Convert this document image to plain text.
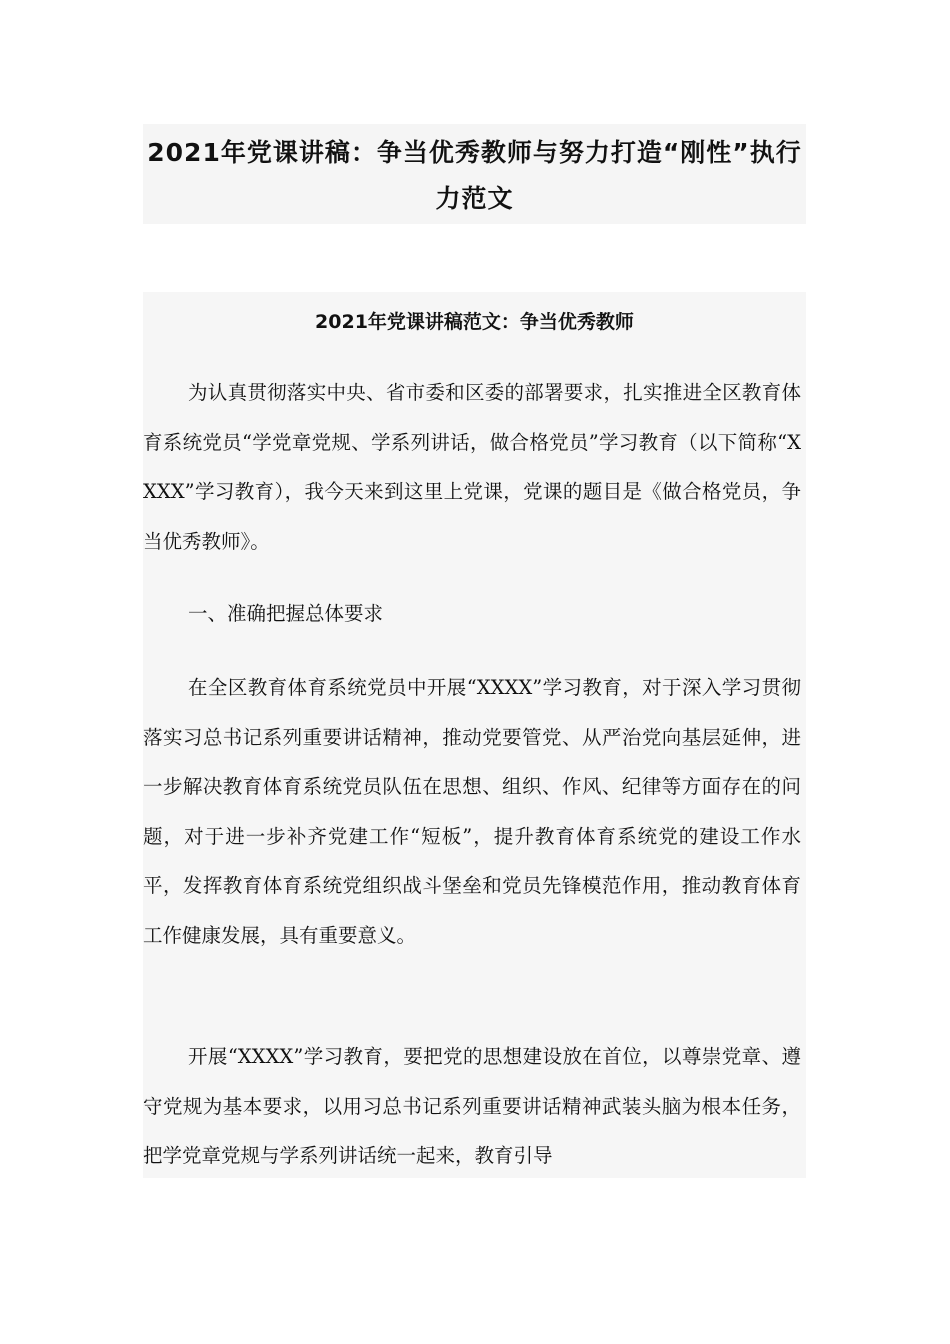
2021年党课讲稿：争当优秀教师与努力打造“刚性”执行力范文
2021年党课讲稿范文：争当优秀教师

为认真贯彻落实中央、省市委和区委的部署要求，扎实推进全区教育体育系统党员“学党章党规、学系列讲话，做合格党员”学习教育（以下简称“XXXX”学习教育），我今天来到这里上党课，党课的题目是《做合格党员，争当优秀教师》。

一、准确把握总体要求

在全区教育体育系统党员中开展“XXXX”学习教育，对于深入学习贯彻落实习总书记系列重要讲话精神，推动党要管党、从严治党向基层延伸，进一步解决教育体育系统党员队伍在思想、组织、作风、纪律等方面存在的问题，对于进一步补齐党建工作“短板”，提升教育体育系统党的建设工作水平，发挥教育体育系统党组织战斗堡垒和党员先锋模范作用，推动教育体育工作健康发展，具有重要意义。

开展“XXXX”学习教育，要把党的思想建设放在首位，以尊崇党章、遵守党规为基本要求，以用习总书记系列重要讲话精神武装头脑为根本任务，把学党章党规与学系列讲话统一起来，教育引导
